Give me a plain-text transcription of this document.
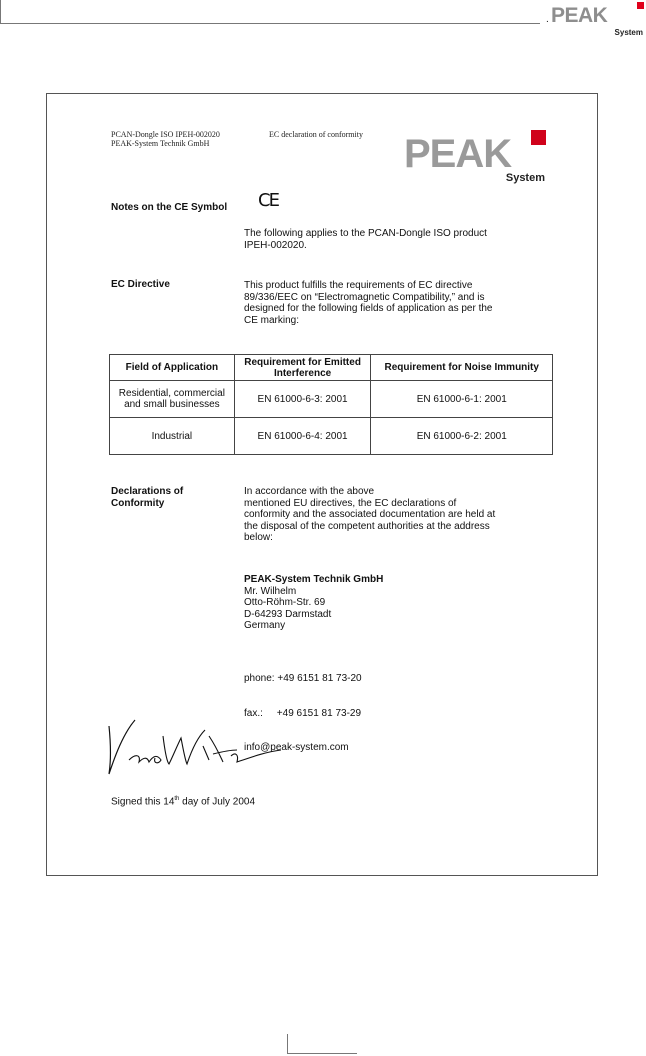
PEAK
System
.
PCAN-Dongle ISO IPEH-002020
PEAK-System Technik GmbH
EC declaration of conformity PEAK
System
Notes on the CE Symbol CE
The following applies to the PCAN-Dongle ISO product
IPEH-002020.
EC Directive	This product fulfills the requirements of EC directive
89/336/EEC on “Electromagnetic Compatibility,” and is
designed for the following fields of application as per the
CE marking:
Field of Application	Requirement for Emitted Interference	Requirement for Noise Immunity
Residential, commercial and small businesses	EN 61000-6-3: 2001	EN 61000-6-1: 2001
Industrial	EN 61000-6-4: 2001	EN 61000-6-2: 2001
Declarations of
Conformity
In accordance with the above
mentioned EU directives, the EC declarations of
conformity and the associated documentation are held at
the disposal of the competent authorities at the address
below:
PEAK-System Technik GmbH
Mr. Wilhelm
Otto-Röhm-Str. 69
D-64293 Darmstadt
Germany

phone: +49 6151 81 73-20

fax.:     +49 6151 81 73-29

info@peak-system.com

Signed this 14th day of July 2004
